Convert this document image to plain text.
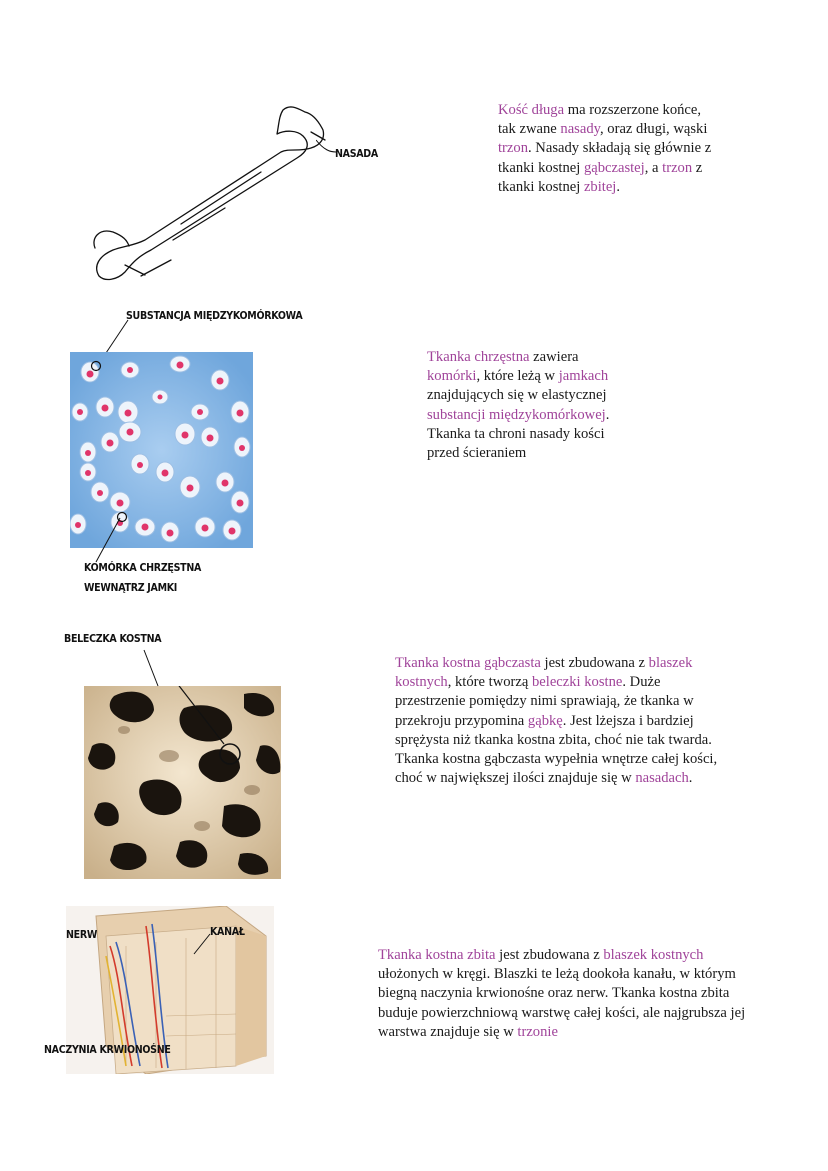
NASADA

Kość długa ma rozszerzone końce, tak zwane nasady, oraz długi, wąski trzon. Nasady składają się głównie z tkanki kostnej gąbczastej, a trzon z tkanki kostnej zbitej.

SUBSTANCJA MIĘDZYKOMÓRKOWA
KOMÓRKA CHRZĘSTNA
WEWNĄTRZ JAMKI

Tkanka chrzęstna zawiera komórki, które leżą w jamkach znajdujących się w elastycznej substancji międzykomórkowej. Tkanka ta chroni nasady kości przed ścieraniem

BELECZKA KOSTNA

Tkanka kostna gąbczasta jest zbudowana z blaszek kostnych, które tworzą beleczki kostne. Duże przestrzenie pomiędzy nimi sprawiają, że tkanka w przekroju przypomina gąbkę. Jest lżejsza i bardziej sprężysta niż tkanka kostna zbita, choć nie tak twarda. Tkanka kostna gąbczasta wypełnia wnętrze całej kości, choć w największej ilości znajduje się w nasadach.

NERW	KANAŁ
NACZYNIA KRWIONOŚNE

Tkanka kostna zbita jest zbudowana z blaszek kostnych ułożonych w kręgi. Blaszki te leżą dookoła kanału, w którym biegną naczynia krwionośne oraz nerw. Tkanka kostna zbita buduje powierzchniową warstwę całej kości, ale najgrubsza jej warstwa znajduje się w trzonie
